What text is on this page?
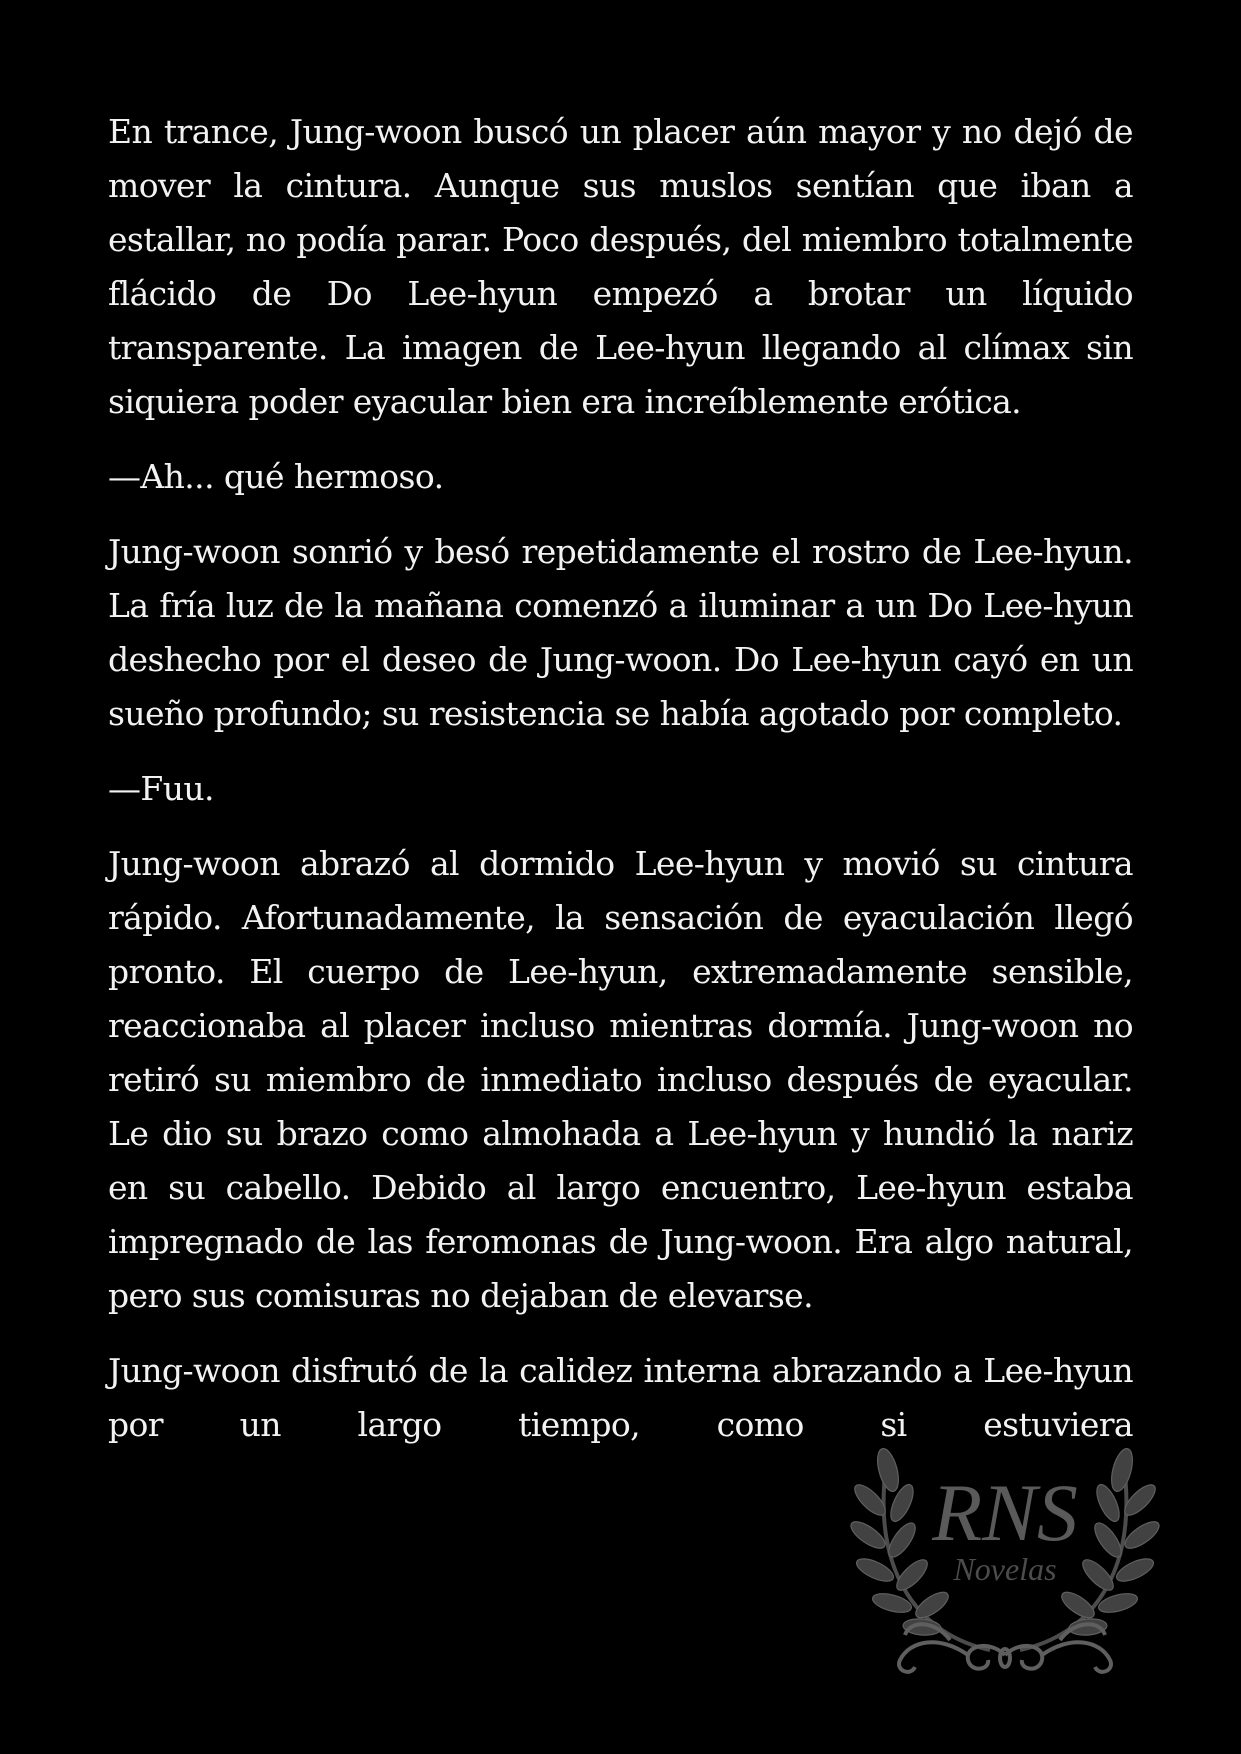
En trance, Jung-woon buscó un placer aún mayor y no dejó de mover la cintura. Aunque sus muslos sentían que iban a estallar, no podía parar. Poco después, del miembro totalmente flácido de Do Lee-hyun empezó a brotar un líquido transparente. La imagen de Lee-hyun llegando al clímax sin siquiera poder eyacular bien era increíblemente erótica.

—Ah... qué hermoso.

Jung-woon sonrió y besó repetidamente el rostro de Lee-hyun. La fría luz de la mañana comenzó a iluminar a un Do Lee-hyun deshecho por el deseo de Jung-woon. Do Lee-hyun cayó en un sueño profundo; su resistencia se había agotado por completo.

—Fuu.

Jung-woon abrazó al dormido Lee-hyun y movió su cintura rápido. Afortunadamente, la sensación de eyaculación llegó pronto. El cuerpo de Lee-hyun, extremadamente sensible, reaccionaba al placer incluso mientras dormía. Jung-woon no retiró su miembro de inmediato incluso después de eyacular. Le dio su brazo como almohada a Lee-hyun y hundió la nariz en su cabello. Debido al largo encuentro, Lee-hyun estaba impregnado de las feromonas de Jung-woon. Era algo natural, pero sus comisuras no dejaban de elevarse.

Jung-woon disfrutó de la calidez interna abrazando a Lee-hyun por un largo tiempo, como si estuviera

RNS
Novelas
